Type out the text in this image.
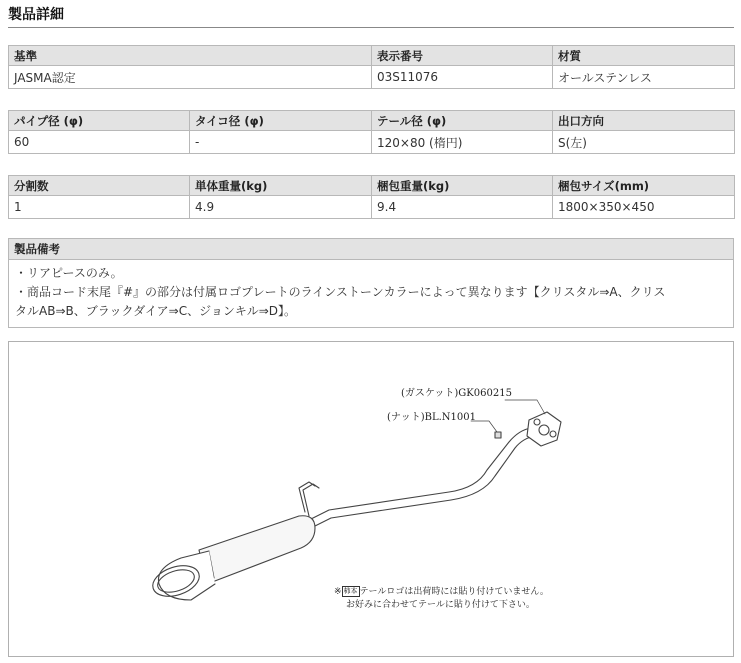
製品詳細
基準	表示番号	材質
JASMA認定	03S11076	オールステンレス
パイプ径 (φ)	タイコ径 (φ)	テール径 (φ)	出口方向
60	-	120×80 (楕円)	S(左)
分割数	単体重量(kg)	梱包重量(kg)	梱包サイズ(mm)
1	4.9	9.4	1800×350×450
製品備考
・リアピースのみ。
・商品コード末尾『#』の部分は付属ロゴプレートのラインストーンカラーによって異なります【クリスタル⇒A、クリス
タルAB⇒B、ブラックダイア⇒C、ジョンキル⇒D】。
(ガスケット)GK060215
(ナット)BL.N1001
※ 柿本 テールロゴは出荷時には貼り付けていません。
お好みに合わせてテールに貼り付けて下さい。
